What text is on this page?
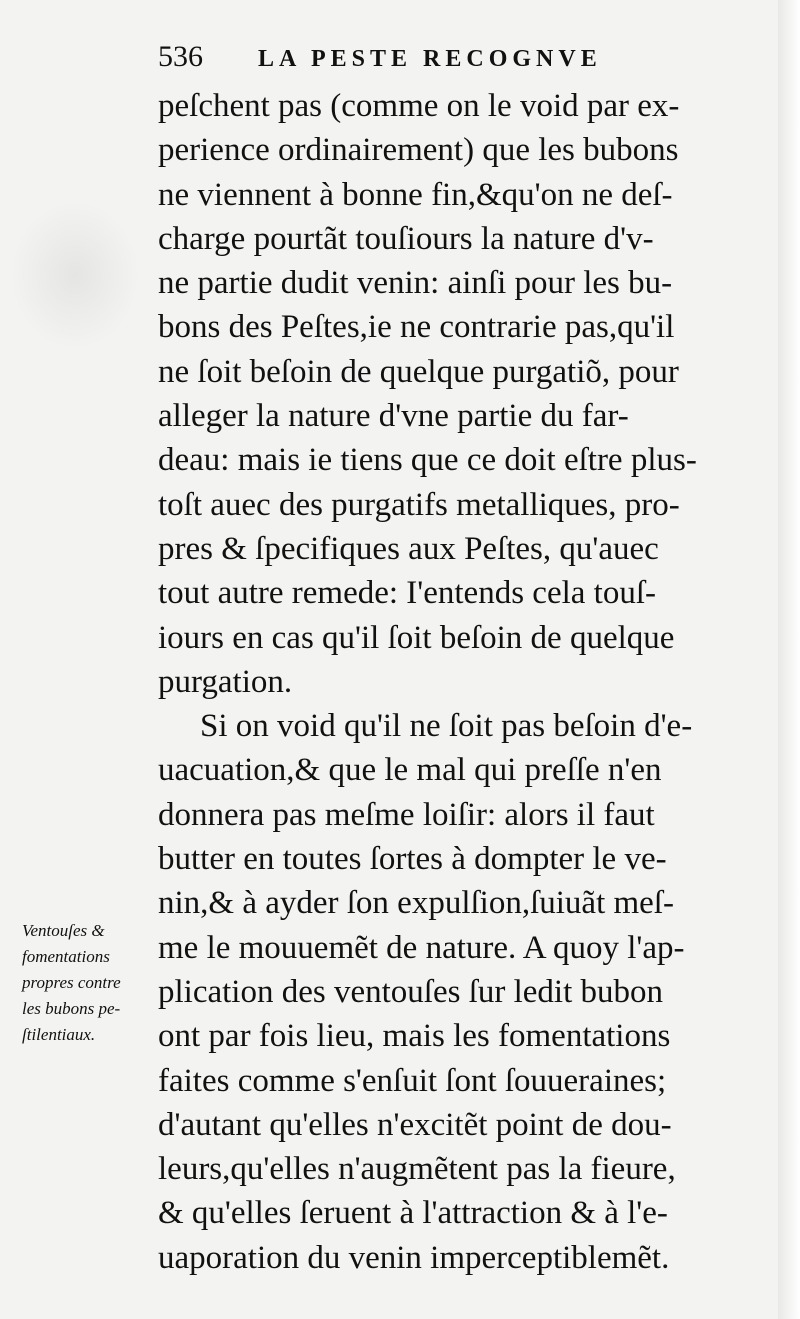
536 LA PESTE RECOGNVE
peſchent pas (comme on le void par ex-
perience ordinairement) que les bubons
ne viennent à bonne fin,&qu'on ne deſ-
charge pourtãt touſiours la nature d'v-
ne partie dudit venin: ainſi pour les bu-
bons des Peſtes,ie ne contrarie pas,qu'il
ne ſoit beſoin de quelque purgatiõ, pour
alleger la nature d'vne partie du far-
deau: mais ie tiens que ce doit eſtre plus-
toſt auec des purgatifs metalliques, pro-
pres & ſpecifiques aux Peſtes, qu'auec
tout autre remede: I'entends cela touſ-
iours en cas qu'il ſoit beſoin de quelque
purgation.
Si on void qu'il ne ſoit pas beſoin d'e-
uacuation,& que le mal qui preſſe n'en
donnera pas meſme loiſir: alors il faut
butter en toutes ſortes à dompter le ve-
nin,& à ayder ſon expulſion,ſuiuãt meſ-
me le mouuemẽt de nature. A quoy l'ap-
plication des ventouſes ſur ledit bubon
ont par fois lieu, mais les fomentations
faites comme s'enſuit ſont ſouueraines;
d'autant qu'elles n'excitẽt point de dou-
leurs,qu'elles n'augmẽtent pas la fieure,
& qu'elles ſeruent à l'attraction & à l'e-
uaporation du venin imperceptiblemẽt.
Ventouſes &
fomentations
propres contre
les bubons pe-
ſtilentiaux.
